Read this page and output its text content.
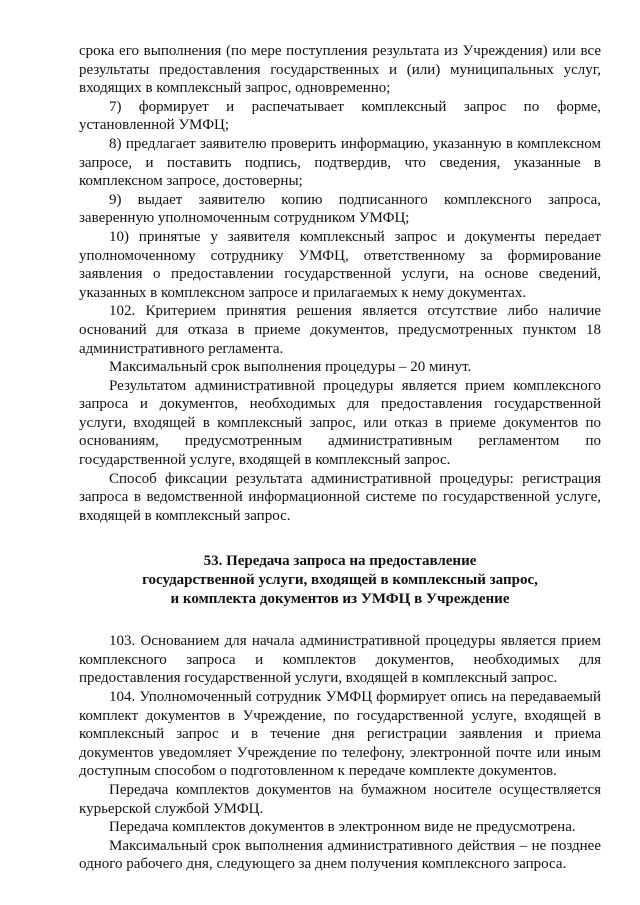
срока его выполнения (по мере поступления результата из Учреждения) или все результаты предоставления государственных и (или) муниципальных услуг, входящих в комплексный запрос, одновременно;

7) формирует и распечатывает комплексный запрос по форме, установленной УМФЦ;

8) предлагает заявителю проверить информацию, указанную в комплексном запросе, и поставить подпись, подтвердив, что сведения, указанные в комплексном запросе, достоверны;

9) выдает заявителю копию подписанного комплексного запроса, заверенную уполномоченным сотрудником УМФЦ;

10) принятые у заявителя комплексный запрос и документы передает уполномоченному сотруднику УМФЦ, ответственному за формирование заявления о предоставлении государственной услуги, на основе сведений, указанных в комплексном запросе и прилагаемых к нему документах.

102. Критерием принятия решения является отсутствие либо наличие оснований для отказа в приеме документов, предусмотренных пунктом 18 административного регламента.

Максимальный срок выполнения процедуры – 20 минут.

Результатом административной процедуры является прием комплексного запроса и документов, необходимых для предоставления государственной услуги, входящей в комплексный запрос, или отказ в приеме документов по основаниям, предусмотренным административным регламентом по государственной услуге, входящей в комплексный запрос.

Способ фиксации результата административной процедуры: регистрация запроса в ведомственной информационной системе по государственной услуге, входящей в комплексный запрос.

53. Передача запроса на предоставление
государственной услуги, входящей в комплексный запрос,
и комплекта документов из УМФЦ в Учреждение

103. Основанием для начала административной процедуры является прием комплексного запроса и комплектов документов, необходимых для предоставления государственной услуги, входящей в комплексный запрос.

104. Уполномоченный сотрудник УМФЦ формирует опись на передаваемый комплект документов в Учреждение, по государственной услуге, входящей в комплексный запрос и в течение дня регистрации заявления и приема документов уведомляет Учреждение по телефону, электронной почте или иным доступным способом о подготовленном к передаче комплекте документов.

Передача комплектов документов на бумажном носителе осуществляется курьерской службой УМФЦ.

Передача комплектов документов в электронном виде не предусмотрена.

Максимальный срок выполнения административного действия – не позднее одного рабочего дня, следующего за днем получения комплексного запроса.
